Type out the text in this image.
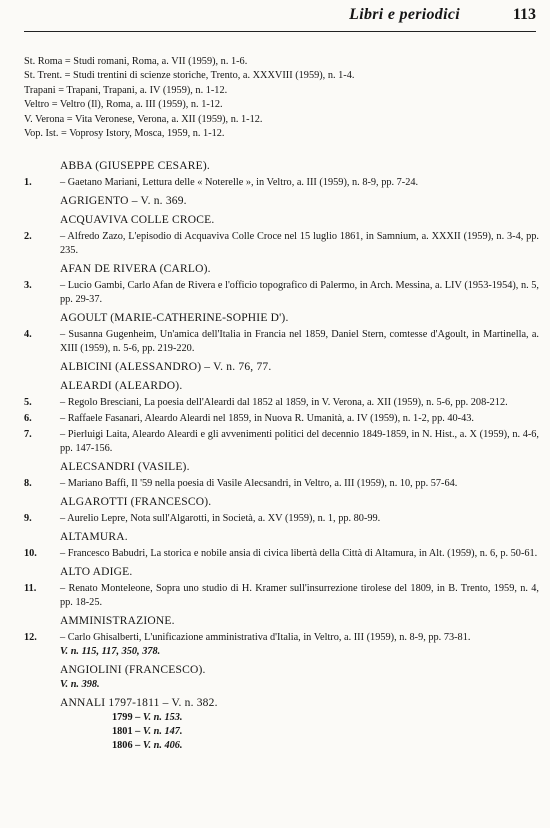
Libri e periodici	113
St. Roma = Studi romani, Roma, a. VII (1959), n. 1-6.
St. Trent. = Studi trentini di scienze storiche, Trento, a. XXXVIII (1959), n. 1-4.
Trapani = Trapani, Trapani, a. IV (1959), n. 1-12.
Veltro = Veltro (Il), Roma, a. III (1959), n. 1-12.
V. Verona = Vita Veronese, Verona, a. XII (1959), n. 1-12.
Vop. Ist. = Voprosy Istory, Mosca, 1959, n. 1-12.
ABBA (GIUSEPPE CESARE).
1.	– Gaetano Mariani, Lettura delle « Noterelle », in Veltro, a. III (1959), n. 8-9, pp. 7-24.
AGRIGENTO – V. n. 369.
ACQUAVIVA COLLE CROCE.
2.	– Alfredo Zazo, L'episodio di Acquaviva Colle Croce nel 15 luglio 1861, in Samnium, a. XXXII (1959), n. 3-4, pp. 235.
AFAN DE RIVERA (CARLO).
3.	– Lucio Gambi, Carlo Afan de Rivera e l'officio topografico di Palermo, in Arch. Messina, a. LIV (1953-1954), n. 5, pp. 29-37.
AGOULT (MARIE-CATHERINE-SOPHIE D').
4.	– Susanna Gugenheim, Un'amica dell'Italia in Francia nel 1859, Daniel Stern, comtesse d'Agoult, in Martinella, a. XIII (1959), n. 5-6, pp. 219-220.
ALBICINI (ALESSANDRO) – V. n. 76, 77.
ALEARDI (ALEARDO).
5.	– Regolo Bresciani, La poesia dell'Aleardi dal 1852 al 1859, in V. Verona, a. XII (1959), n. 5-6, pp. 208-212.
6.	– Raffaele Fasanari, Aleardo Aleardi nel 1859, in Nuova R. Umanità, a. IV (1959), n. 1-2, pp. 40-43.
7.	– Pierluigi Laita, Aleardo Aleardi e gli avvenimenti politici del decennio 1849-1859, in N. Hist., a. X (1959), n. 4-6, pp. 147-156.
ALECSANDRI (VASILE).
8.	– Mariano Baffi, Il '59 nella poesia di Vasile Alecsandri, in Veltro, a. III (1959), n. 10, pp. 57-64.
ALGAROTTI (FRANCESCO).
9.	– Aurelio Lepre, Nota sull'Algarotti, in Società, a. XV (1959), n. 1, pp. 80-99.
ALTAMURA.
10.	– Francesco Babudri, La storica e nobile ansia di civica libertà della Città di Altamura, in Alt. (1959), n. 6, p. 50-61.
ALTO ADIGE.
11.	– Renato Monteleone, Sopra uno studio di H. Kramer sull'insurrezione tirolese del 1809, in B. Trento, 1959, n. 4, pp. 18-25.
AMMINISTRAZIONE.
12.	– Carlo Ghisalberti, L'unificazione amministrativa d'Italia, in Veltro, a. III (1959), n. 8-9, pp. 73-81.
V. n. 115, 117, 350, 378.
ANGIOLINI (FRANCESCO).
V. n. 398.
ANNALI 1797-1811 – V. n. 382.
1799 – V. n. 153.
1801 – V. n. 147.
1806 – V. n. 406.
